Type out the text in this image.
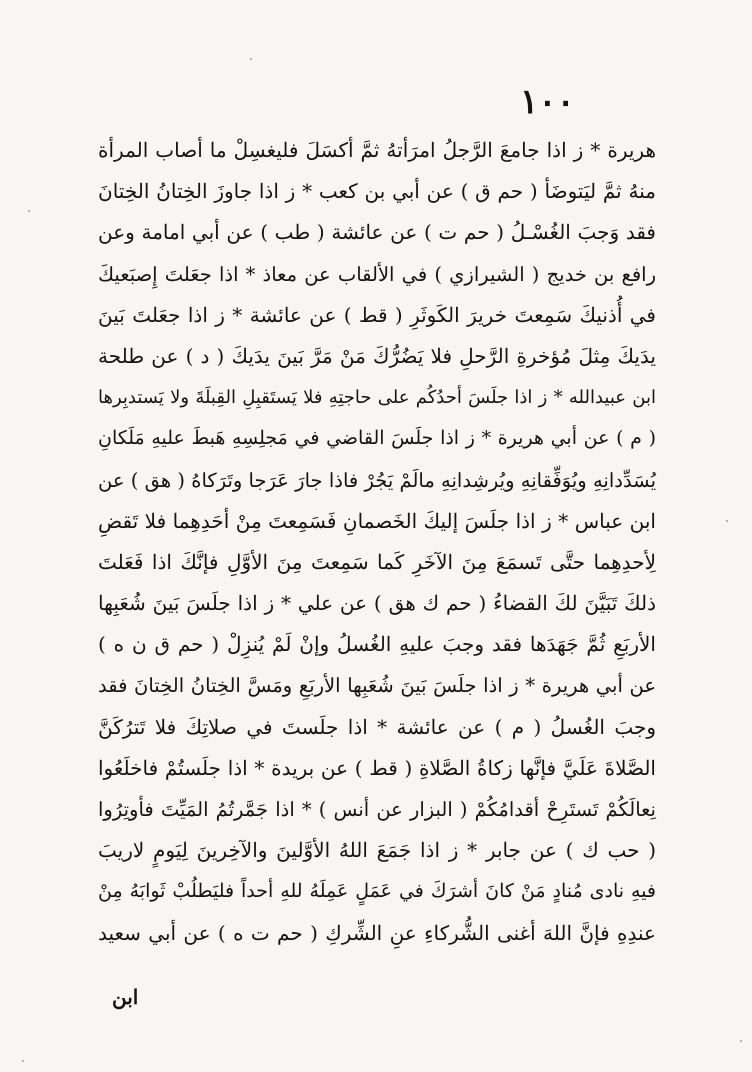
١٠٠
هريرة * ز اذا جامعَ الرَّجلُ امرَأتهُ ثمَّ أكسَلَ فليغسِلْ ما أصاب المرأة
منهُ ثمَّ ليَتوضَأ ( حم ق ) عن أبي بن كعب * ز اذا جاوزَ الخِتانُ الخِتانَ
فقد وَجبَ الغُسْـلُ ( حم ت ) عن عائشة ( طب ) عن أبي امامة وعن
رافع بن خديج ( الشيرازي ) في الألقاب عن معاذ * اذا جعَلتَ إِصبَعيكَ
في أُذنيكَ سَمِعتَ خريرَ الكَوثَرِ ( قط ) عن عائشة * ز اذا جعَلتَ بَينَ
يدَيكَ مِثلَ مُؤخرةِ الرَّحلِ فلا يَضُرُّكَ مَنْ مَرَّ بَينَ يدَيكَ ( د ) عن طلحة
ابن عبيدالله * ز اذا جلَسَ أحدُكُم على حاجتِهِ فلا يَستَقبِلِ القِبلَةَ ولا يَستدبِرها
( م ) عن أبي هريرة * ز اذا جلَسَ القاضي في مَجلِسِهِ هَبطَ عليهِ مَلَكانِ
يُسَدِّدانِهِ ويُوَفِّقانِهِ ويُرشِدانِهِ مالَمْ يَجُرْ فاذا جارَ عَرَجا وتَرَكاهُ ( هق ) عن
ابن عباس * ز اذا جلَسَ إليكَ الخَصمانِ فَسَمِعتَ مِنْ أحَدِهِما فلا تَقضِ
لِأحدِهِما حتَّى تَسمَعَ مِنَ الآخَرِ كَما سَمِعتَ مِنَ الأوَّلِ فإنَّكَ اذا فَعَلتَ
ذلكَ تَبَيَّنَ لكَ القضاءُ ( حم ك هق ) عن علي * ز اذا جلَسَ بَينَ شُعَبِها
الأربَعِ ثُمَّ جَهَدَها فقد وجبَ عليهِ الغُسلُ وإنْ لَمْ يُنزِلْ ( حم ق ن ه )
عن أبي هريرة * ز اذا جلَسَ بَينَ شُعَبِها الأربَعِ ومَسَّ الخِتانُ الخِتانَ فقد
وجبَ الغُسلُ ( م ) عن عائشة * اذا جلَستَ في صلاتِكَ فلا تَترُكَنَّ
الصَّلاةَ عَلَيَّ فإنَّها زكاةُ الصَّلاةِ ( قط ) عن بريدة * اذا جلَستُمْ فاخلَعُوا
نِعالَكُمْ تَستَرِحْ أقدامُكُمْ ( البزار عن أنس ) * اذا جَمَّرتُمُ المَيِّتَ فأوتِرُوا
( حب ك ) عن جابر * ز اذا جَمَعَ اللهُ الأوَّلينَ والآخِرينَ لِيَومٍ لاريبَ
فيهِ نادى مُنادٍ مَنْ كانَ أشرَكَ في عَمَلٍ عَمِلَهُ للهِ أحداً فليَطلُبْ ثَوابَهُ مِنْ
عندِهِ فإنَّ اللهَ أغنى الشُّركاءِ عنِ الشِّركِ ( حم ت ه ) عن أبي سعيد
ابن
